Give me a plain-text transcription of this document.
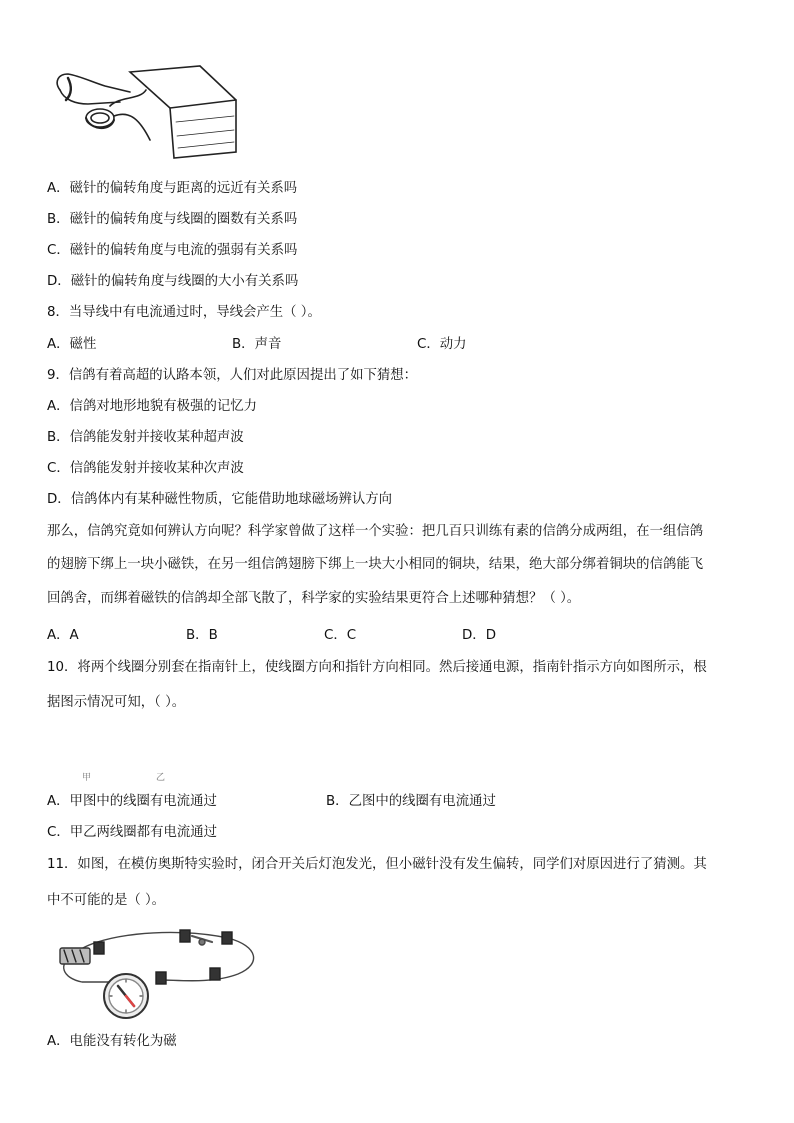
A．磁针的偏转角度与距离的远近有关系吗
B．磁针的偏转角度与线圈的圈数有关系吗
C．磁针的偏转角度与电流的强弱有关系吗
D．磁针的偏转角度与线圈的大小有关系吗
8．当导线中有电流通过时，导线会产生（ ）。
A．磁性	B．声音	C．动力
9．信鸽有着高超的认路本领，人们对此原因提出了如下猜想：
A．信鸽对地形地貌有极强的记忆力
B．信鸽能发射并接收某种超声波
C．信鸽能发射并接收某种次声波
D．信鸽体内有某种磁性物质，它能借助地球磁场辨认方向
那么，信鸽究竟如何辨认方向呢？科学家曾做了这样一个实验：把几百只训练有素的信鸽分成两组，在一组信鸽
的翅膀下绑上一块小磁铁，在另一组信鸽翅膀下绑上一块大小相同的铜块，结果，绝大部分绑着铜块的信鸽能飞
回鸽舍，而绑着磁铁的信鸽却全部飞散了，科学家的实验结果更符合上述哪种猜想？（ ）。
A．A	B．B	C．C	D．D
10．将两个线圈分别套在指南针上，使线圈方向和指针方向相同。然后接通电源，指南针指示方向如图所示，根
据图示情况可知，（ ）。
甲	乙
A．甲图中的线圈有电流通过	B．乙图中的线圈有电流通过
C．甲乙两线圈都有电流通过
11．如图，在模仿奥斯特实验时，闭合开关后灯泡发光，但小磁针没有发生偏转，同学们对原因进行了猜测。其
中不可能的是（ ）。
A．电能没有转化为磁
